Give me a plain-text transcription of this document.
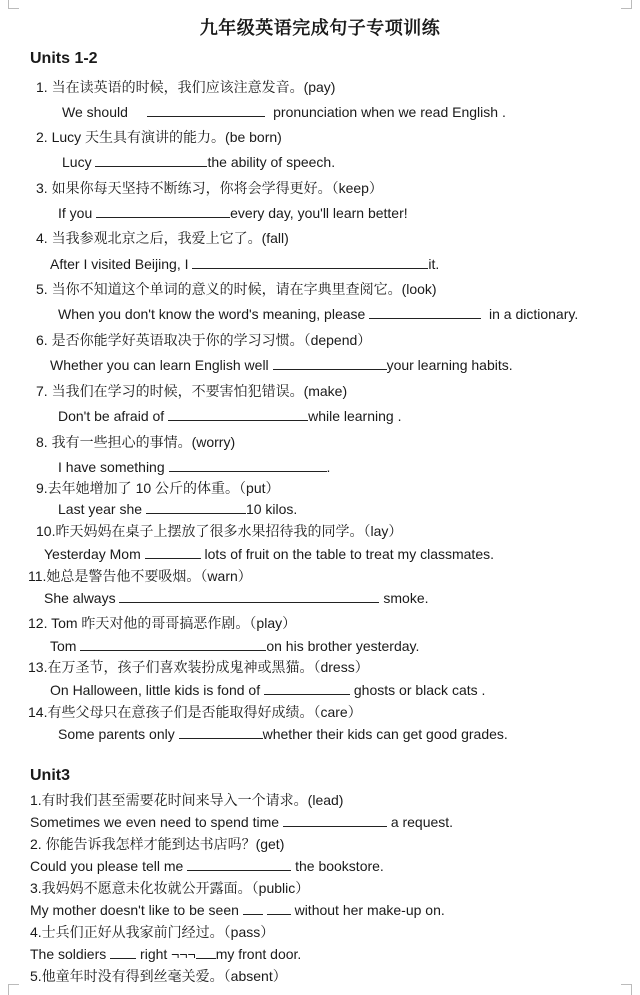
九年级英语完成句子专项训练
Units 1-2
1. 当在读英语的时候，我们应该注意发音。(pay)
We should	pronunciation when we read English .
2. Lucy 天生具有演讲的能力。(be born)
Lucy	the ability of speech.
3. 如果你每天坚持不断练习，你将会学得更好。（keep）
If you	every day, you'll learn better!
4. 当我参观北京之后，我爱上它了。(fall)
After I visited Beijing, I	it.
5. 当你不知道这个单词的意义的时候，请在字典里查阅它。(look)
When you don't know the word's meaning, please	in a dictionary.
6. 是否你能学好英语取决于你的学习习惯。（depend）
Whether you can learn English well	your learning habits.
7. 当我们在学习的时候，不要害怕犯错误。(make)
Don't be afraid of	while learning .
8. 我有一些担心的事情。(worry)
I have something	.
9.去年她增加了 10 公斤的体重。（put）
Last year she	10 kilos.
10.昨天妈妈在桌子上摆放了很多水果招待我的同学。（lay）
Yesterday Mom	lots of fruit on the table to treat my classmates.
11.她总是警告他不要吸烟。（warn）
She always	smoke.
12. Tom 昨天对他的哥哥搞恶作剧。（play）
Tom	on his brother yesterday.
13.在万圣节，孩子们喜欢装扮成鬼神或黑猫。（dress）
On Halloween, little kids is fond of	ghosts or black cats .
14.有些父母只在意孩子们是否能取得好成绩。（care）
Some parents only	whether their kids can get good grades.
Unit3
1.有时我们甚至需要花时间来导入一个请求。(lead)
Sometimes we even need to spend time	a request.
2. 你能告诉我怎样才能到达书店吗？(get)
Could you please tell me	the bookstore.
3.我妈妈不愿意未化妆就公开露面。（public）
My mother doesn't like to be seen	without her make-up on.
4.士兵们正好从我家前门经过。（pass）
The soldiers right ¬¬¬ my front door.
5.他童年时没有得到丝毫关爱。（absent）
